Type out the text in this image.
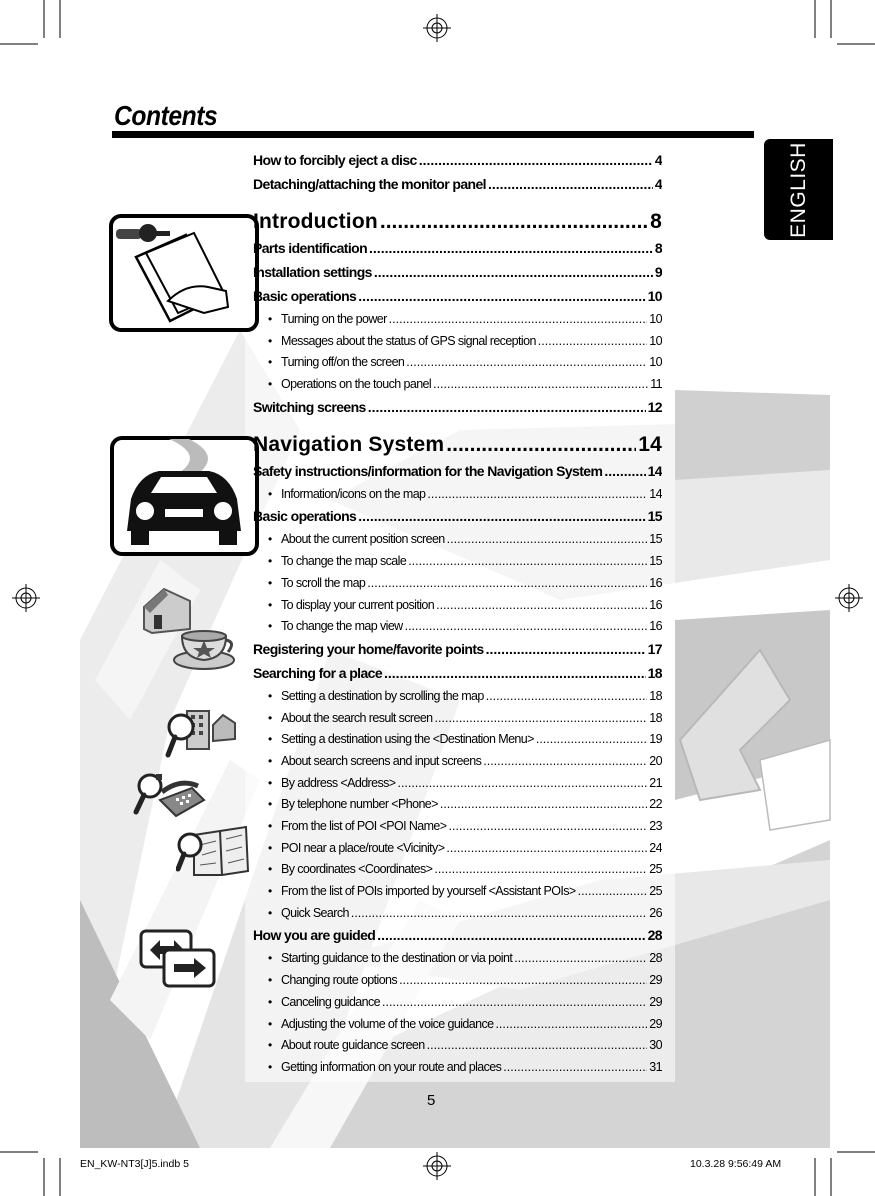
Contents
ENGLISH
How to forcibly eject a disc .....	4
Detaching/attaching the monitor panel .....	4
Introduction .....	8
Parts identification .....	8
Installation settings .....	9
Basic operations .....	10
• Turning on the power .....	10
• Messages about the status of GPS signal reception .....	10
• Turning off/on the screen .....	10
• Operations on the touch panel .....	11
Switching screens .....	12
Navigation System .....	14
Safety instructions/information for the Navigation System .....	14
• Information/icons on the map .....	14
Basic operations .....	15
• About the current position screen .....	15
• To change the map scale .....	15
• To scroll the map .....	16
• To display your current position .....	16
• To change the map view .....	16
Registering your home/favorite points .....	17
Searching for a place .....	18
• Setting a destination by scrolling the map .....	18
• About the search result screen .....	18
• Setting a destination using the <Destination Menu> .....	19
• About search screens and input screens .....	20
• By address <Address> .....	21
• By telephone number <Phone> .....	22
• From the list of POI <POI Name> .....	23
• POI near a place/route <Vicinity> .....	24
• By coordinates <Coordinates> .....	25
• From the list of POIs imported by yourself <Assistant POIs> .....	25
• Quick Search .....	26
How you are guided .....	28
• Starting guidance to the destination or via point .....	28
• Changing route options .....	29
• Canceling guidance .....	29
• Adjusting the volume of the voice guidance .....	29
• About route guidance screen .....	30
• Getting information on your route and places .....	31
5
EN_KW-NT3[J]5.indb 5	10.3.28 9:56:49 AM
